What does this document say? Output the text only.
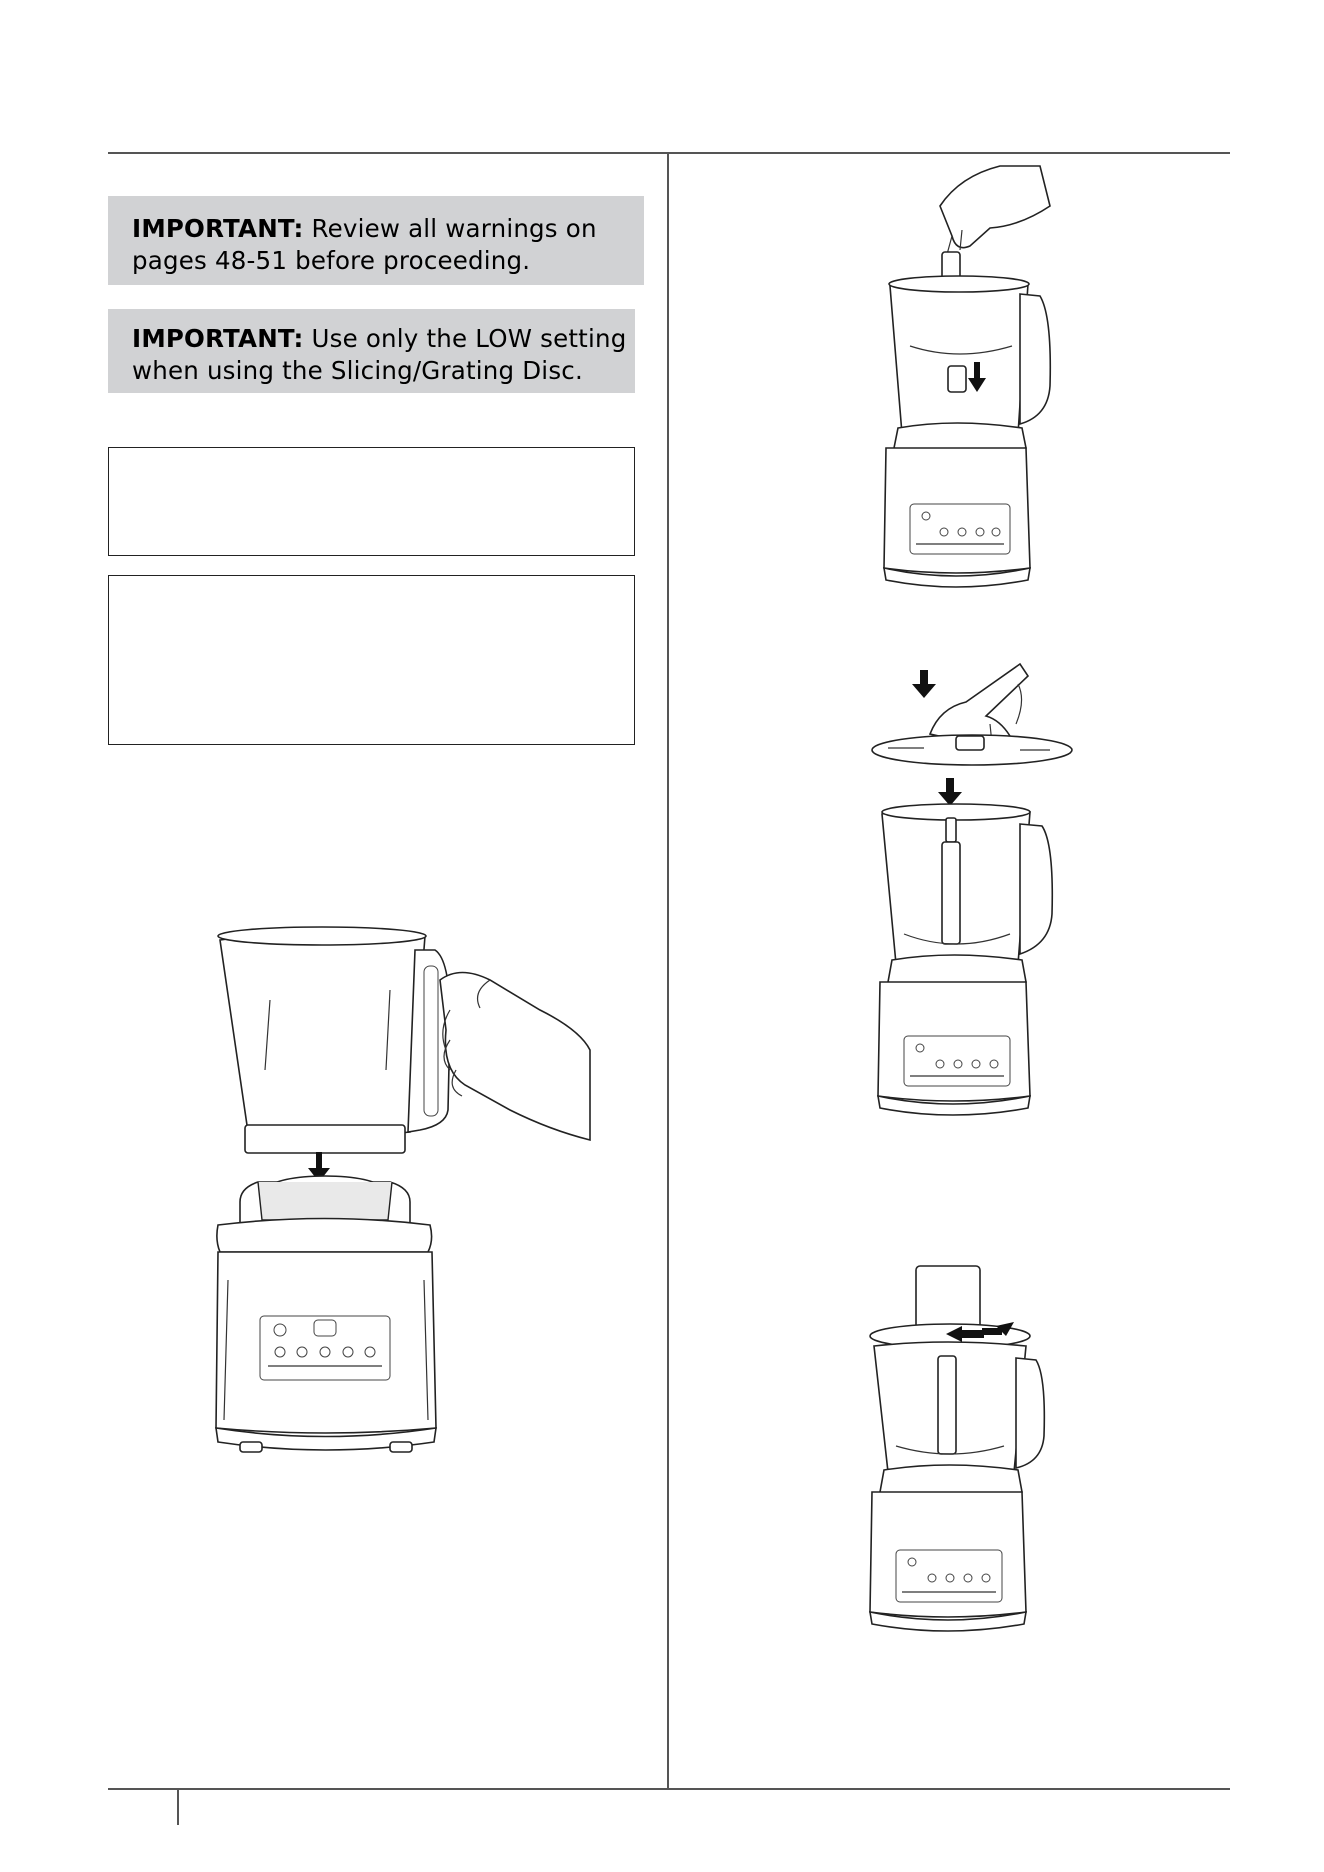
IMPORTANT: Review all warnings on
pages 48-51 before proceeding.
IMPORTANT: Use only the LOW setting
when using the Slicing/Grating Disc.
